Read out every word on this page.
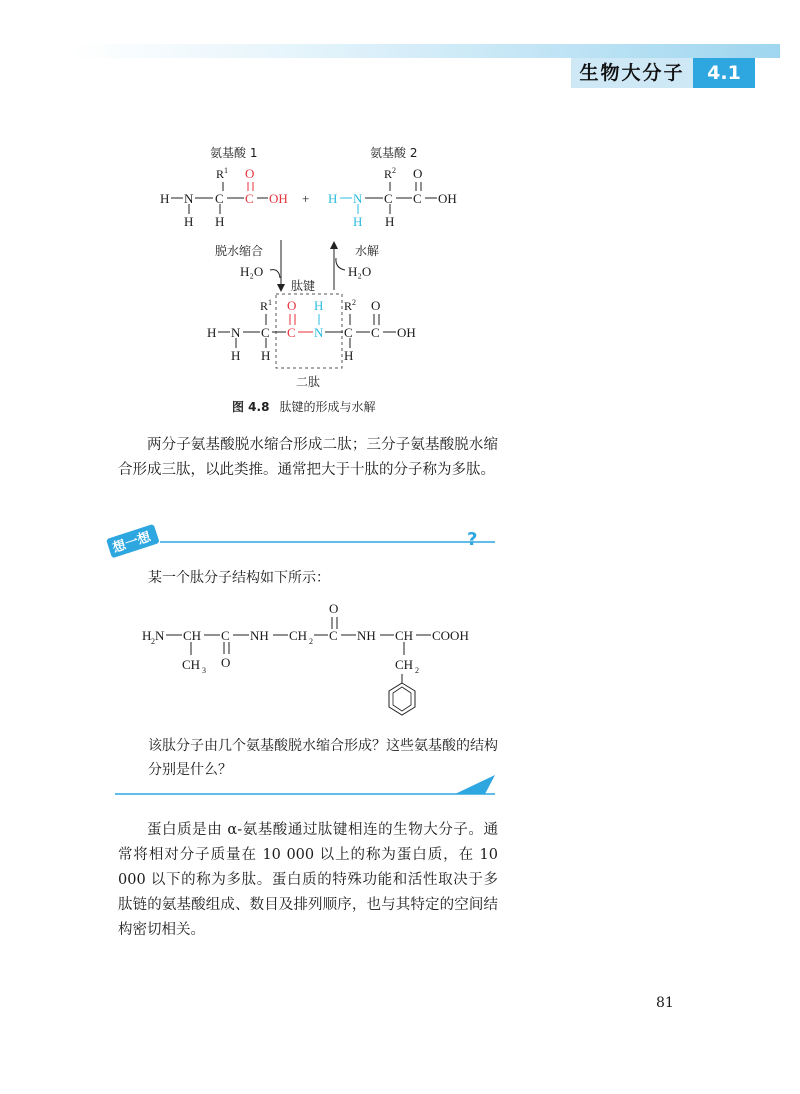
生物大分子	4.1
氨基酸 1	氨基酸 2
R 1
H N C C OH
O
H H
+ H N
H
C
R 2
H
C
O
OH
脱水缩合	水解
H₂O	H₂O
肽键
H N
H
C
R 1
H
C
O
N
H
C
R 2
H
C
O
OH
二肽
图 4.8 肽键的形成与水解
两分子氨基酸脱水缩合形成二肽；三分子氨基酸脱水缩合形成三肽，以此类推。通常把大于十肽的分子称为多肽。
想一想	?
某一个肽分子结构如下所示：
H 2 N CH
CH 3
C
O
NH CH 2 C
O
NH CH
CH 2
COOH
该肽分子由几个氨基酸脱水缩合形成？这些氨基酸的结构分别是什么？
蛋白质是由 α-氨基酸通过肽键相连的生物大分子。通常将相对分子质量在 10 000 以上的称为蛋白质，在 10 000 以下的称为多肽。蛋白质的特殊功能和活性取决于多肽链的氨基酸组成、数目及排列顺序，也与其特定的空间结构密切相关。
81
